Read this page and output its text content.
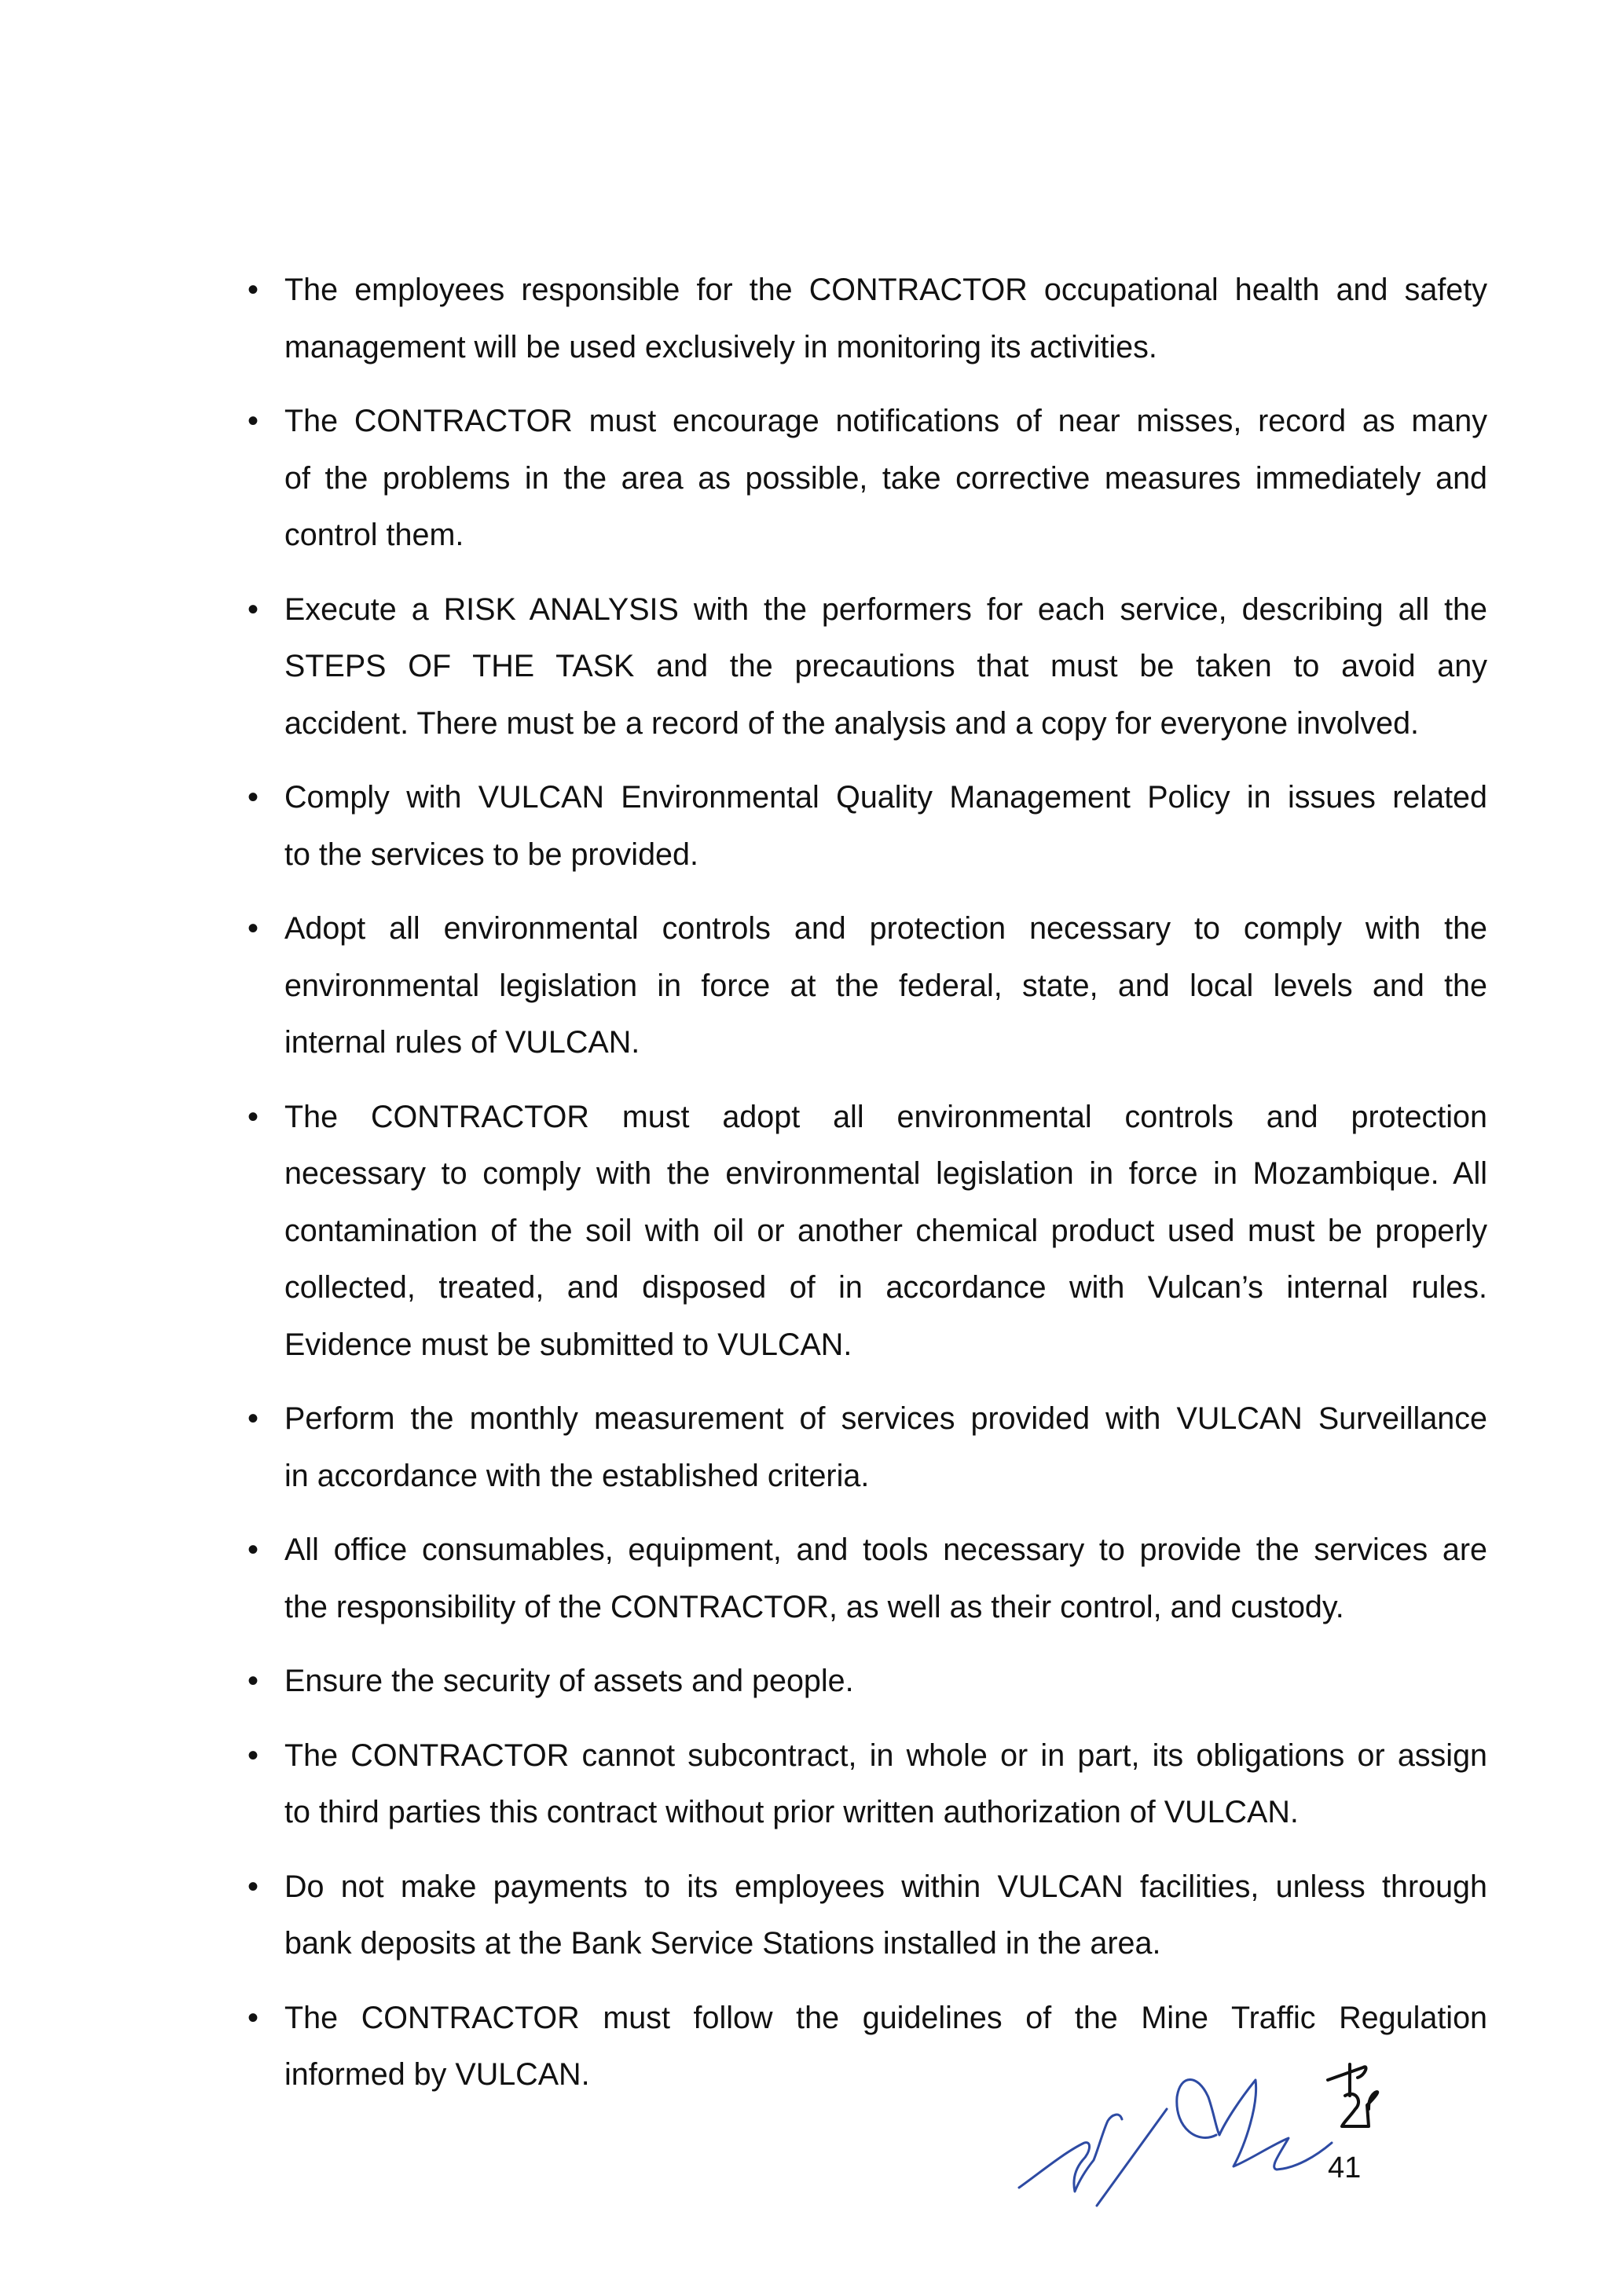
• The employees responsible for the CONTRACTOR occupational health and safety
management will be used exclusively in monitoring its activities.
• The CONTRACTOR must encourage notifications of near misses, record as many
of the problems in the area as possible, take corrective measures immediately and
control them.
• Execute a RISK ANALYSIS with the performers for each service, describing all the
STEPS OF THE TASK and the precautions that must be taken to avoid any
accident. There must be a record of the analysis and a copy for everyone involved.
• Comply with VULCAN Environmental Quality Management Policy in issues related
to the services to be provided.
• Adopt all environmental controls and protection necessary to comply with the
environmental legislation in force at the federal, state, and local levels and the
internal rules of VULCAN.
• The CONTRACTOR must adopt all environmental controls and protection
necessary to comply with the environmental legislation in force in Mozambique. All
contamination of the soil with oil or another chemical product used must be properly
collected, treated, and disposed of in accordance with Vulcan’s internal rules.
Evidence must be submitted to VULCAN.
• Perform the monthly measurement of services provided with VULCAN Surveillance
in accordance with the established criteria.
• All office consumables, equipment, and tools necessary to provide the services are
the responsibility of the CONTRACTOR, as well as their control, and custody.
• Ensure the security of assets and people.
• The CONTRACTOR cannot subcontract, in whole or in part, its obligations or assign
to third parties this contract without prior written authorization of VULCAN.
• Do not make payments to its employees within VULCAN facilities, unless through
bank deposits at the Bank Service Stations installed in the area.
• The CONTRACTOR must follow the guidelines of the Mine Traffic Regulation
informed by VULCAN.
41
